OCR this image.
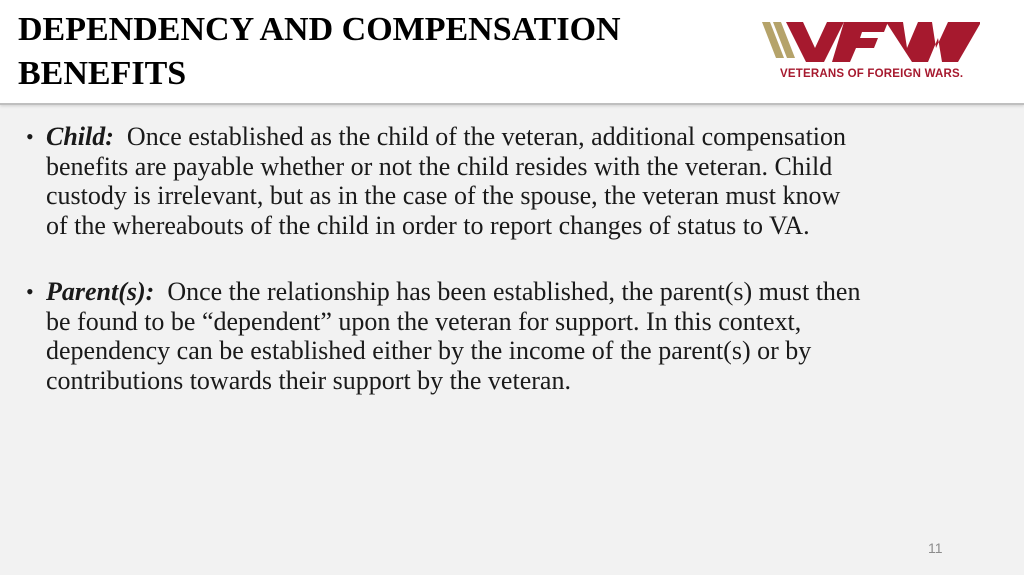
DEPENDENCY AND COMPENSATION
BENEFITS	VETERANS OF FOREIGN WARS.
• Child: Once established as the child of the veteran, additional compensation benefits are payable whether or not the child resides with the veteran. Child custody is irrelevant, but as in the case of the spouse, the veteran must know of the whereabouts of the child in order to report changes of status to VA.
• Parent(s): Once the relationship has been established, the parent(s) must then be found to be “dependent” upon the veteran for support. In this context, dependency can be established either by the income of the parent(s) or by contributions towards their support by the veteran.
11
